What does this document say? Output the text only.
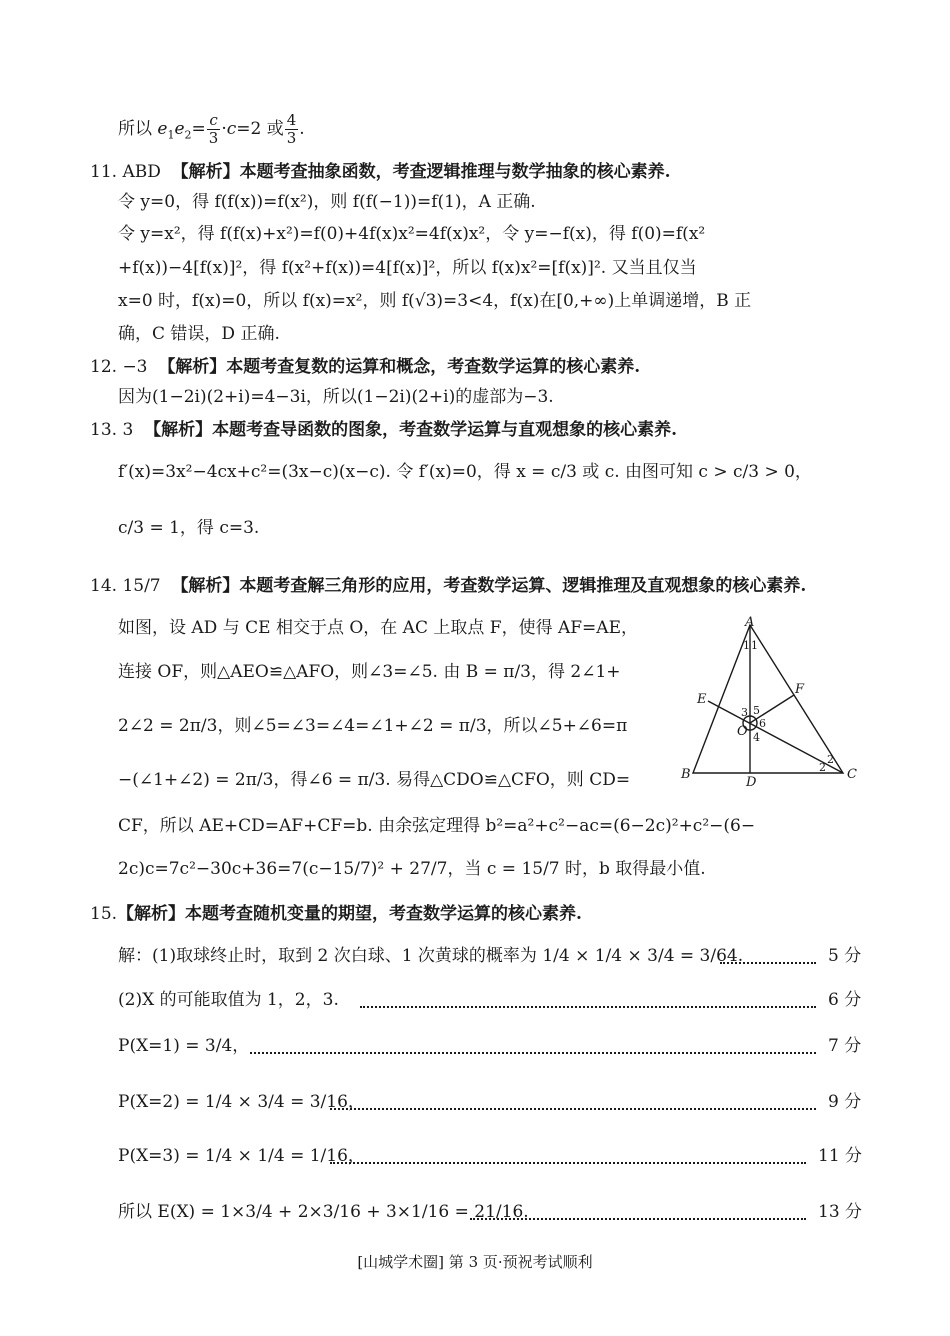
所以 $e_1e_2= \frac{c}{3} \cdot c=2$ 或 $\frac{4}{3}$ .
11. ABD 【解析】本题考查抽象函数，考查逻辑推理与数学抽象的核心素养.
令 y=0，得 f(f(x))=f(x²)，则 f(f(−1))=f(1)，A 正确.
令 y=x²，得 f(f(x)+x²)=f(0)+4f(x)x²=4f(x)x²，令 y=−f(x)，得 f(0)=f(x²
+f(x))−4[f(x)]²，得 f(x²+f(x))=4[f(x)]²，所以 f(x)x²=[f(x)]². 又当且仅当
x=0 时，f(x)=0，所以 f(x)=x²，则 f(√3)=3<4，f(x)在[0,+∞)上单调递增，B 正
确，C 错误，D 正确.
12. −3 【解析】本题考查复数的运算和概念，考查数学运算的核心素养.
因为(1−2i)(2+i)=4−3i，所以(1−2i)(2+i)的虚部为−3.
13. 3 【解析】本题考查导函数的图象，考查数学运算与直观想象的核心素养.
f′(x)=3x²−4cx+c²=(3x−c)(x−c). 令 f′(x)=0，得 x = c/3 或 c. 由图可知 c > c/3 > 0，
c/3 = 1，得 c=3.
14. 15/7 【解析】本题考查解三角形的应用，考查数学运算、逻辑推理及直观想象的核心素养.
如图，设 AD 与 CE 相交于点 O，在 AC 上取点 F，使得 AF=AE，
连接 OF，则△AEO≌△AFO，则∠3=∠5. 由 B = π/3，得 2∠1+
2∠2 = 2π/3，则∠5=∠3=∠4=∠1+∠2 = π/3，所以∠5+∠6=π
−(∠1+∠2) = 2π/3，得∠6 = π/3. 易得△CDO≌△CFO，则 CD=
CF，所以 AE+CD=AF+CF=b. 由余弦定理得 b²=a²+c²−ac=(6−2c)²+c²−(6−
2c)c=7c²−30c+36=7(c−15/7)² + 27/7，当 c = 15/7 时，b 取得最小值.
A
B	C
D
E
F
O
1 1
3 5
6
4
2
2
15.【解析】本题考查随机变量的期望，考查数学运算的核心素养.
解：(1)取球终止时，取到 2 次白球、1 次黄球的概率为 1/4 × 1/4 × 3/4 = 3/64.	5 分
(2)X 的可能取值为 1，2，3.	6 分
P(X=1) = 3/4，	7 分
P(X=2) = 1/4 × 3/4 = 3/16，	9 分
P(X=3) = 1/4 × 1/4 = 1/16，	11 分
所以 E(X) = 1×3/4 + 2×3/16 + 3×1/16 = 21/16.	13 分
[山城学术圈] 第 3 页·预祝考试顺利
